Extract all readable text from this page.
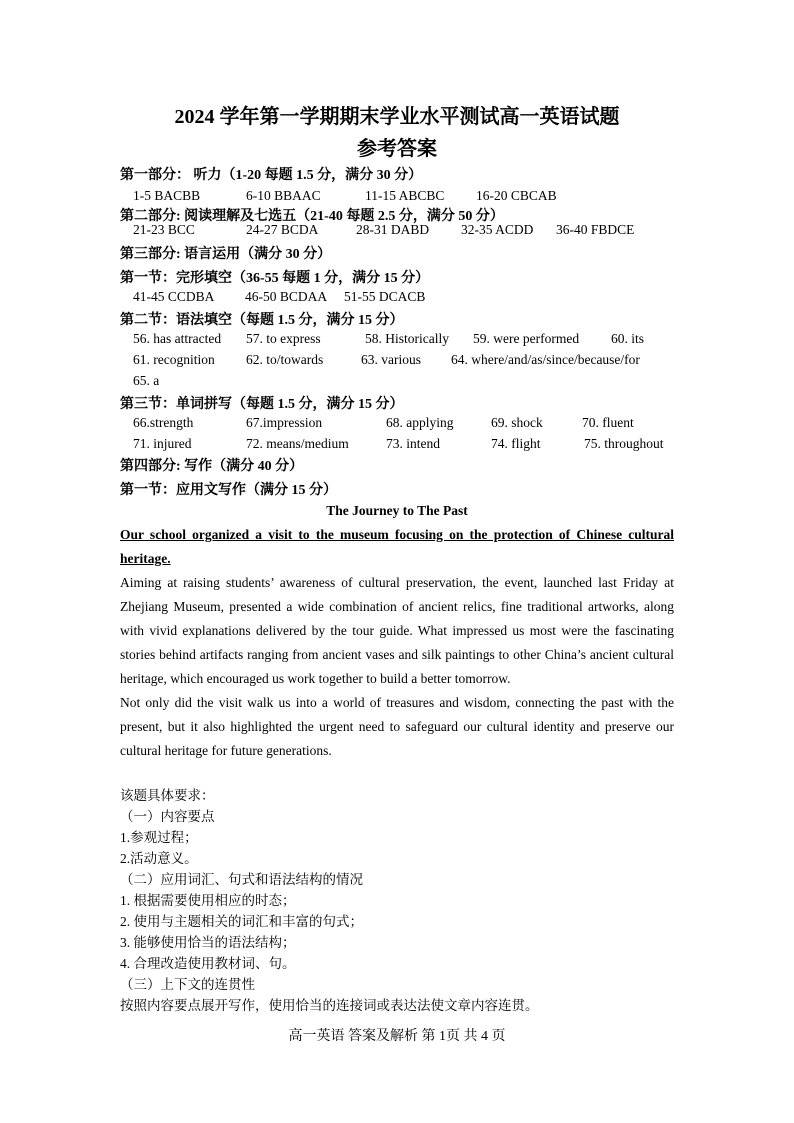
2024 学年第一学期期末学业水平测试高一英语试题
参考答案
第一部分： 听力（1-20 每题 1.5 分，满分 30 分）
1-5 BACBB	6-10 BBAAC	11-15 ABCBC 16-20 CBCAB
第二部分: 阅读理解及七选五（21-40 每题 2.5 分，满分 50 分）
21-23 BCC	24-27 BCDA	28-31 DABD 32-35 ACDD 36-40 FBDCE
第三部分: 语言运用（满分 30 分）
第一节：完形填空（36-55 每题 1 分，满分 15 分）
41-45 CCDBA 46-50 BCDAA 51-55 DCACB
第二节：语法填空（每题 1.5 分，满分 15 分）
56. has attracted 57. to express	58. Historically 59. were performed 60. its
61. recognition 62. to/towards	63. various 64. where/and/as/since/because/for
65. a
第三节：单词拼写（每题 1.5 分，满分 15 分）
66.strength	67.impression	68. applying	69. shock	70. fluent
71. injured	72. means/medium	73. intend	74. flight	75. throughout
第四部分: 写作（满分 40 分）
第一节：应用文写作（满分 15 分）
The Journey to The Past
Our school organized a visit to the museum focusing on the protection of Chinese cultural heritage.
Aiming at raising students’ awareness of cultural preservation, the event, launched last Friday at Zhejiang Museum, presented a wide combination of ancient relics, fine traditional artworks, along with vivid explanations delivered by the tour guide. What impressed us most were the fascinating stories behind artifacts ranging from ancient vases and silk paintings to other China’s ancient cultural heritage, which encouraged us work together to build a better tomorrow.
Not only did the visit walk us into a world of treasures and wisdom, connecting the past with the present, but it also highlighted the urgent need to safeguard our cultural identity and preserve our cultural heritage for future generations.
该题具体要求：
（一）内容要点
1.参观过程；
2.活动意义。
（二）应用词汇、句式和语法结构的情况
1. 根据需要使用相应的时态；
2. 使用与主题相关的词汇和丰富的句式；
3. 能够使用恰当的语法结构；
4. 合理改造使用教材词、句。
（三）上下文的连贯性
按照内容要点展开写作，使用恰当的连接词或表达法使文章内容连贯。
高一英语 答案及解析 第 1页 共 4 页
